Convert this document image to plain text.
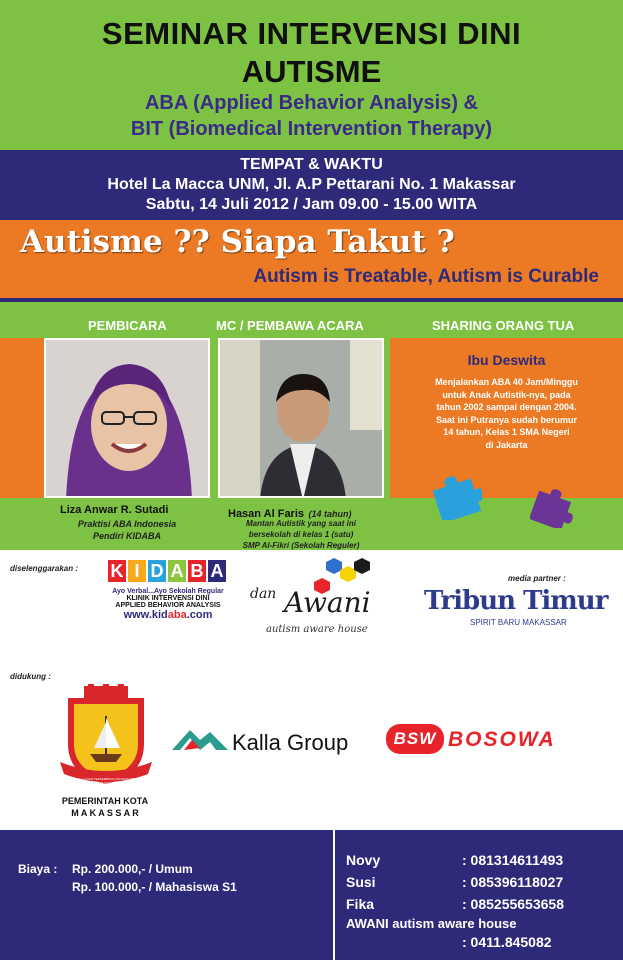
SEMINAR INTERVENSI DINI
AUTISME
ABA (Applied Behavior Analysis) &
BIT (Biomedical Intervention Therapy)
TEMPAT & WAKTU
Hotel La Macca UNM, Jl. A.P Pettarani No. 1 Makassar
Sabtu, 14 Juli 2012 / Jam 09.00 - 15.00 WITA
Autisme ?? Siapa Takut ?
Autism is Treatable, Autism is Curable
PEMBICARA	MC / PEMBAWA ACARA	SHARING ORANG TUA
Liza Anwar R. Sutadi
Praktisi ABA Indonesia
Pendiri KIDABA
Hasan Al Faris (14 tahun)
Mantan Autistik yang saat ini
bersekolah di kelas 1 (satu)
SMP Al-Fikri (Sekolah Reguler)
Ibu Deswita
Menjalankan ABA 40 Jam/Minggu
untuk Anak Autistik-nya, pada
tahun 2002 sampai dengan 2004.
Saat ini Putranya sudah berumur
14 tahun, Kelas 1 SMA Negeri
di Jakarta
diselenggarakan : K I D A B A
Ayo Verbal...Ayo Sekolah Regular
KLINIK INTERVENSI DINI
APPLIED BEHAVIOR ANALYSIS
www.kidaba.com
dan Awani
autism aware house
media partner :
Tribun Timur
SPIRIT BARU MAKASSAR
didukung :
SEKALI LAYAR TERKEMBANG PANTANG BIDUK SURUT KEPANTAI
PEMERINTAH KOTA
M A K A S S A R
Kalla Group	BSW BOSOWA
Biaya : Rp. 200.000,- / Umum
Rp. 100.000,- / Mahasiswa S1
Novy	: 081314611493
Susi	: 085396118027
Fika	: 085255653658
AWANI autism aware house
: 0411.845082
